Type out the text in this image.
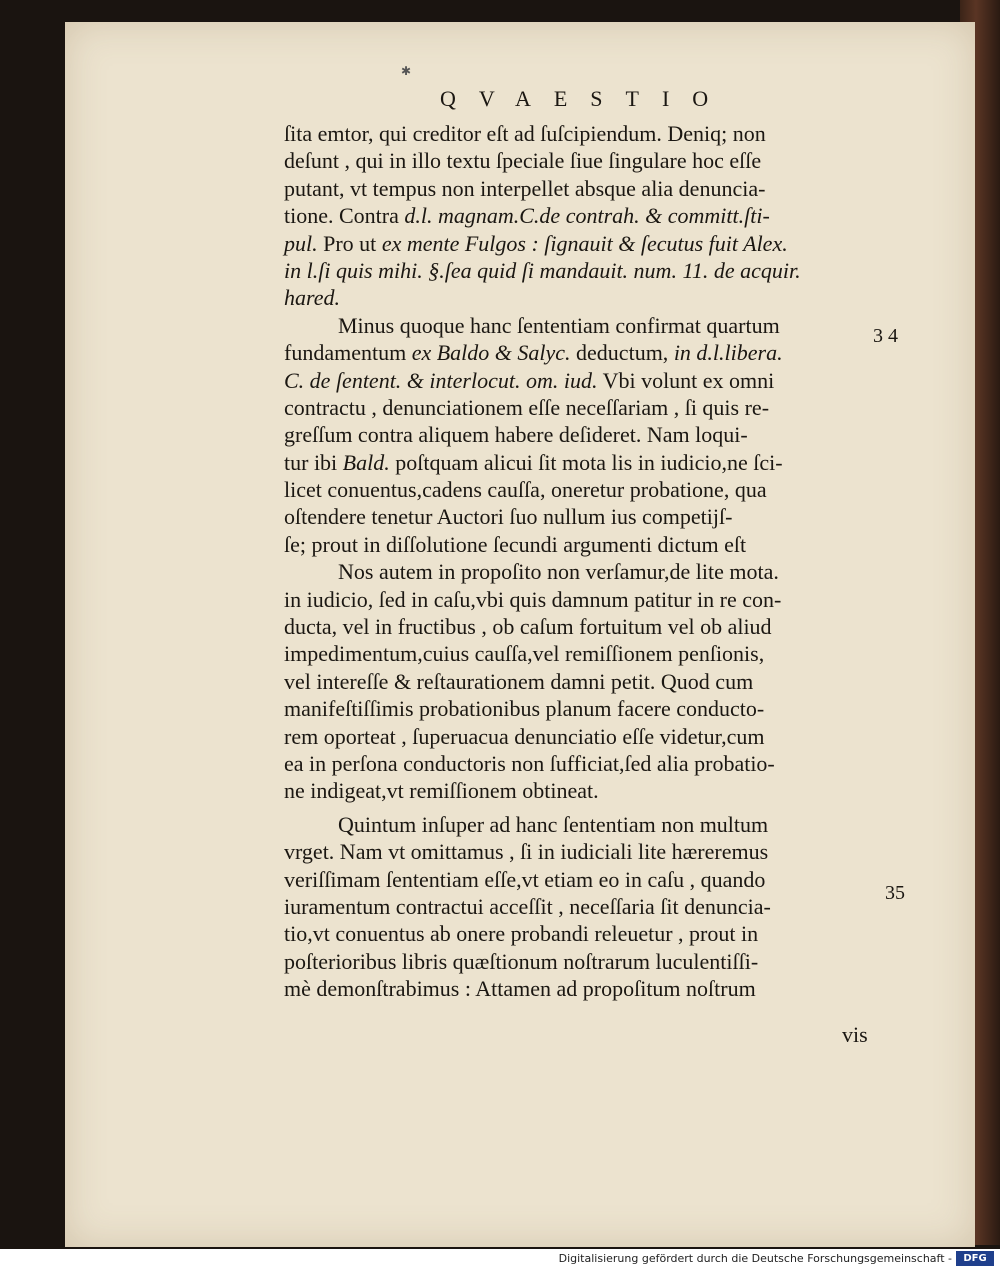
✱
QVAESTIO
ſita emtor, qui creditor eſt ad ſuſcipiendum. Deniq; non
deſunt , qui in illo textu ſpeciale ſiue ſingulare hoc eſſe
putant, vt tempus non interpellet absque alia denuncia-
tione. Contra d.l. magnam.C.de contrah. & committ.ſti-
pul. Pro ut ex mente Fulgos : ſignauit & ſecutus fuit Alex.
in l.ſi quis mihi. §.ſea quid ſi mandauit. num. 11. de acquir.
hared.
Minus quoque hanc ſententiam confirmat quartum
fundamentum ex Baldo & Salyc. deductum, in d.l.libera.
C. de ſentent. & interlocut. om. iud. Vbi volunt ex omni
contractu , denunciationem eſſe neceſſariam , ſi quis re-
greſſum contra aliquem habere deſideret. Nam loqui-
tur ibi Bald. poſtquam alicui ſit mota lis in iudicio,ne ſci-
licet conuentus,cadens cauſſa, oneretur probatione, qua
oſtendere tenetur Auctori ſuo nullum ius competijſ-
ſe; prout in diſſolutione ſecundi argumenti dictum eſt
Nos autem in propoſito non verſamur,de lite mota.
in iudicio, ſed in caſu,vbi quis damnum patitur in re con-
ducta, vel in fructibus , ob caſum fortuitum vel ob aliud
impedimentum,cuius cauſſa,vel remiſſionem penſionis,
vel intereſſe & reſtaurationem damni petit. Quod cum
manifeſtiſſimis probationibus planum facere conducto-
rem oporteat , ſuperuacua denunciatio eſſe videtur,cum
ea in perſona conductoris non ſufficiat,ſed alia probatio-
ne indigeat,vt remiſſionem obtineat.
Quintum inſuper ad hanc ſententiam non multum
vrget. Nam vt omittamus , ſi in iudiciali lite hæreremus
veriſſimam ſententiam eſſe,vt etiam eo in caſu , quando
iuramentum contractui acceſſit , neceſſaria ſit denuncia-
tio,vt conuentus ab onere probandi releuetur , prout in
poſterioribus libris quæſtionum noſtrarum luculentiſſi-
mè demonſtrabimus : Attamen ad propoſitum noſtrum
3 4
35
vis
Digitalisierung gefördert durch die Deutsche Forschungsgemeinschaft -	DFG
